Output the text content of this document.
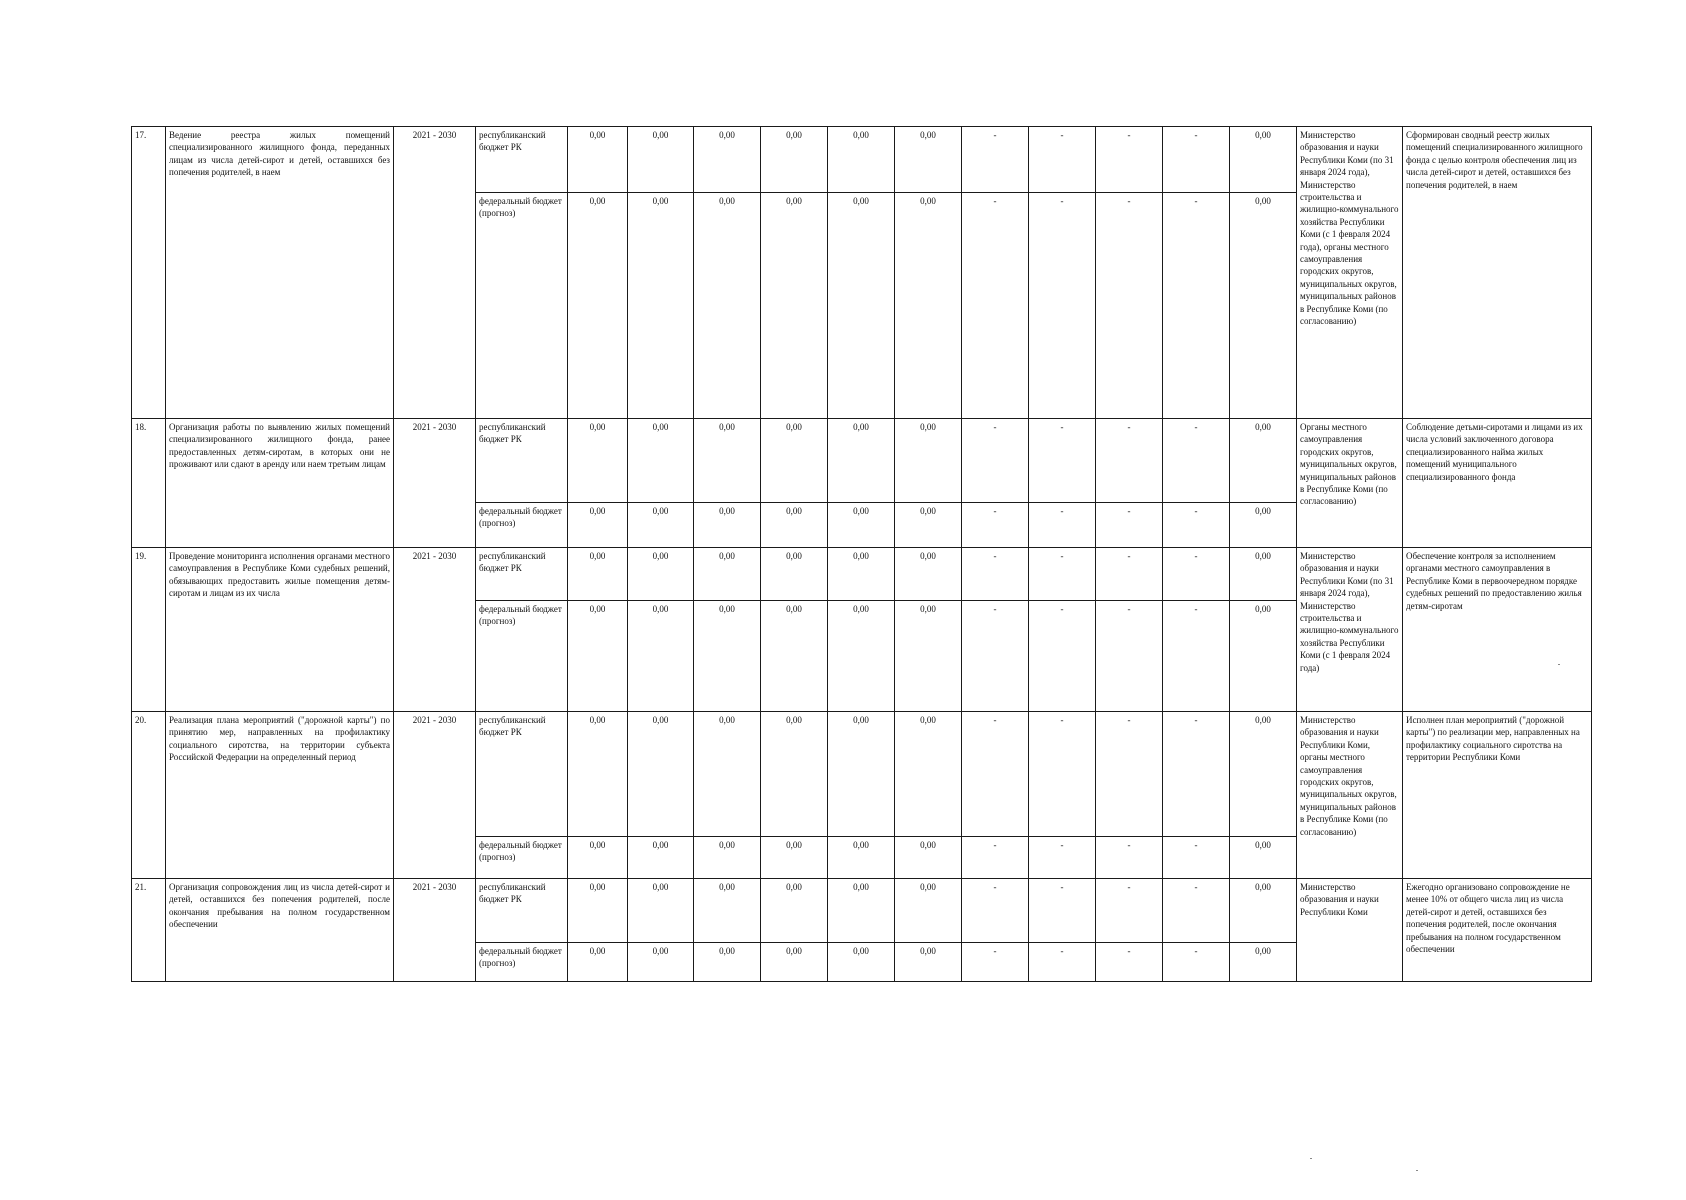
17.	Ведение реестра жилых помещений специализированного жилищного фонда, переданных лицам из числа детей-сирот и детей, оставшихся без попечения родителей, в наем	2021 - 2030	республиканский бюджет РК	0,00	0,00	0,00	0,00	0,00	0,00	-	-	-	-	0,00	Министерство образования и науки Республики Коми (по 31 января 2024 года), Министерство строительства и жилищно-коммунального хозяйства Республики Коми (с 1 февраля 2024 года), органы местного самоуправления городских округов, муниципальных округов, муниципальных районов в Республике Коми (по согласованию)	Сформирован сводный реестр жилых помещений специализированного жилищного фонда с целью контроля обеспечения лиц из числа детей-сирот и детей, оставшихся без попечения родителей, в наем
			федеральный бюджет (прогноз)	0,00	0,00	0,00	0,00	0,00	0,00	-	-	-	-	0,00		
18.	Организация работы по выявлению жилых помещений специализированного жилищного фонда, ранее предоставленных детям-сиротам, в которых они не проживают или сдают в аренду или наем третьим лицам	2021 - 2030	республиканский бюджет РК	0,00	0,00	0,00	0,00	0,00	0,00	-	-	-	-	0,00	Органы местного самоуправления городских округов, муниципальных округов, муниципальных районов в Республике Коми (по согласованию)	Соблюдение детьми-сиротами и лицами из их числа условий заключенного договора специализированного найма жилых помещений муниципального специализированного фонда
			федеральный бюджет (прогноз)	0,00	0,00	0,00	0,00	0,00	0,00	-	-	-	-	0,00		
19.	Проведение мониторинга исполнения органами местного самоуправления в Республике Коми судебных решений, обязывающих предоставить жилые помещения детям-сиротам и лицам из их числа	2021 - 2030	республиканский бюджет РК	0,00	0,00	0,00	0,00	0,00	0,00	-	-	-	-	0,00	Министерство образования и науки Республики Коми (по 31 января 2024 года), Министерство строительства и жилищно-коммунального хозяйства Республики Коми (с 1 февраля 2024 года)	Обеспечение контроля за исполнением органами местного самоуправления в Республике Коми в первоочередном порядке судебных решений по предоставлению жилья детям-сиротам
			федеральный бюджет (прогноз)	0,00	0,00	0,00	0,00	0,00	0,00	-	-	-	-	0,00		
20.	Реализация плана мероприятий ("дорожной карты") по принятию мер, направленных на профилактику социального сиротства, на территории субъекта Российской Федерации на определенный период	2021 - 2030	республиканский бюджет РК	0,00	0,00	0,00	0,00	0,00	0,00	-	-	-	-	0,00	Министерство образования и науки Республики Коми, органы местного самоуправления городских округов, муниципальных округов, муниципальных районов в Республике Коми (по согласованию)	Исполнен план мероприятий ("дорожной карты") по реализации мер, направленных на профилактику социального сиротства на территории Республики Коми
			федеральный бюджет (прогноз)	0,00	0,00	0,00	0,00	0,00	0,00	-	-	-	-	0,00		
21.	Организация сопровождения лиц из числа детей-сирот и детей, оставшихся без попечения родителей, после окончания пребывания на полном государственном обеспечении	2021 - 2030	республиканский бюджет РК	0,00	0,00	0,00	0,00	0,00	0,00	-	-	-	-	0,00	Министерство образования и науки Республики Коми	Ежегодно организовано сопровождение не менее 10% от общего числа лиц из числа детей-сирот и детей, оставшихся без попечения родителей, после окончания пребывания на полном государственном обеспечении
			федеральный бюджет (прогноз)	0,00	0,00	0,00	0,00	0,00	0,00	-	-	-	-	0,00		
